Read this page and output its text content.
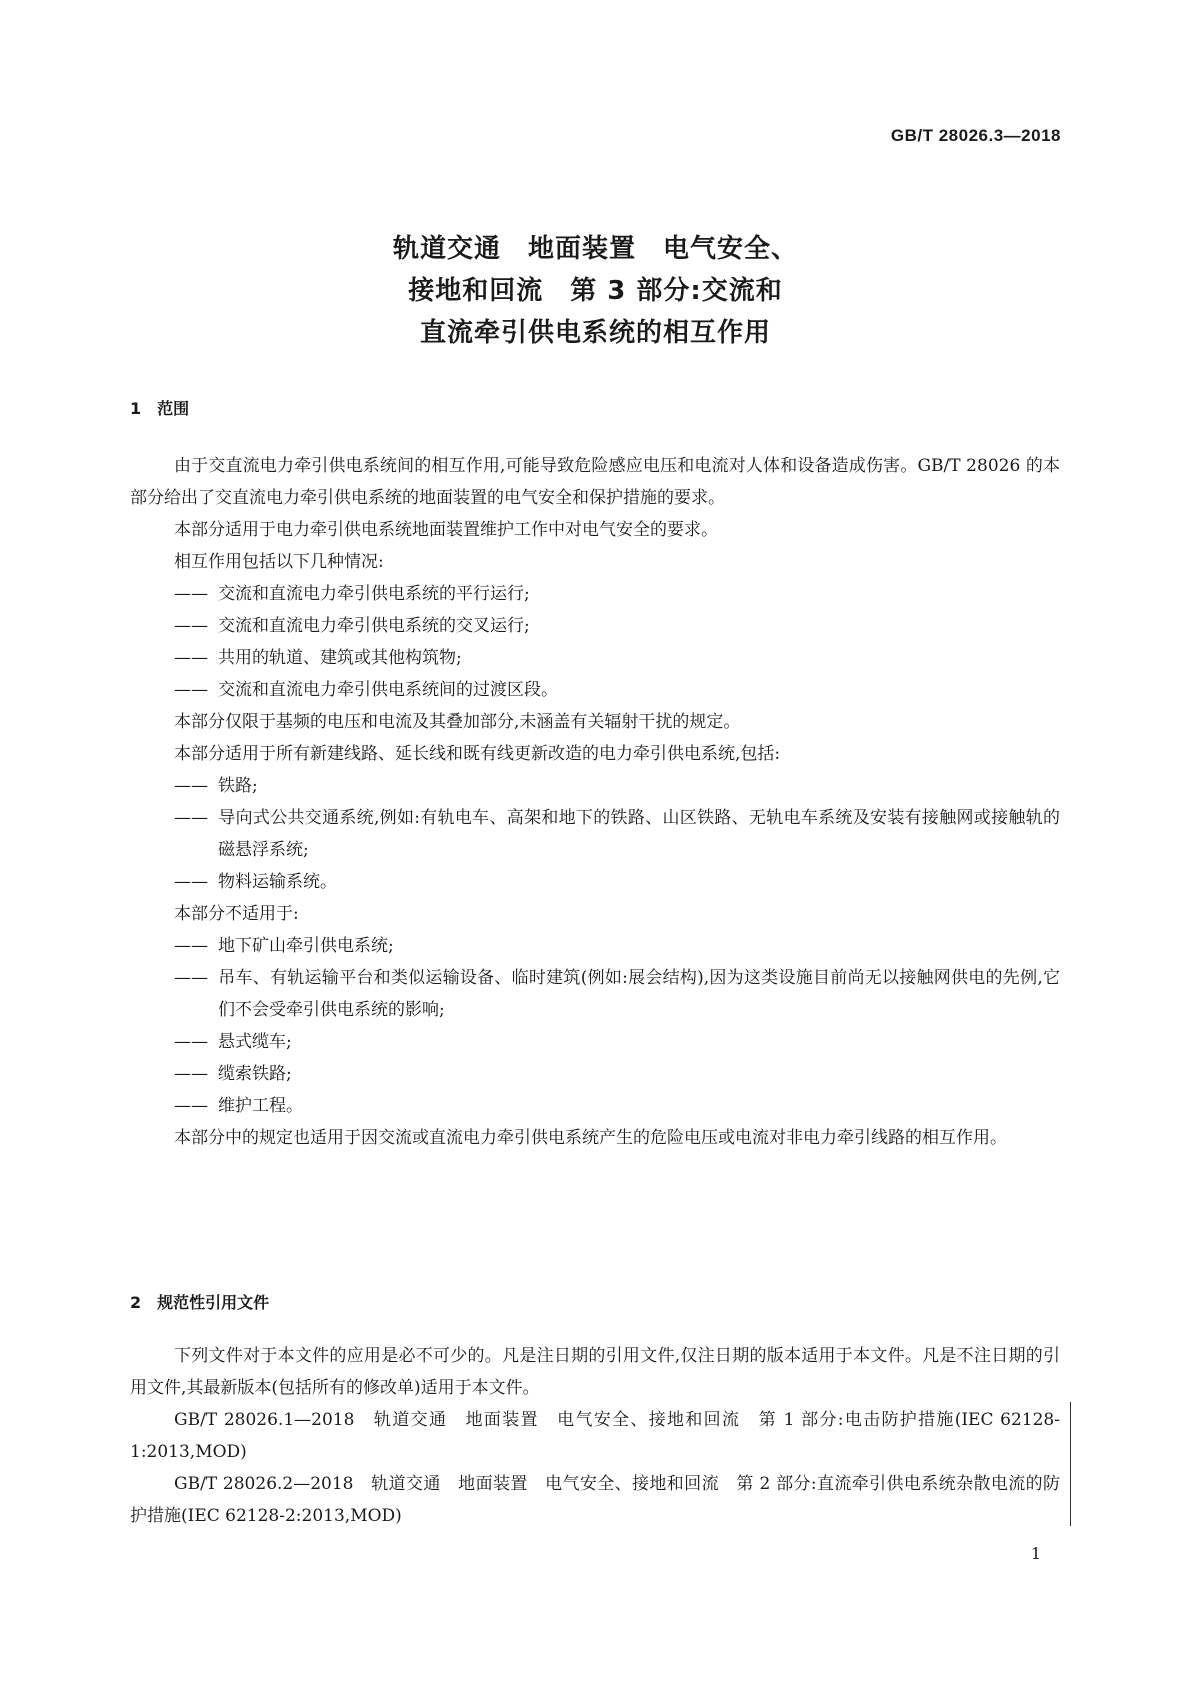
GB/T 28026.3—2018
轨道交通　地面装置　电气安全、
接地和回流　第 3 部分:交流和
直流牵引供电系统的相互作用
1　范围

由于交直流电力牵引供电系统间的相互作用,可能导致危险感应电压和电流对人体和设备造成伤害。GB/T 28026 的本部分给出了交直流电力牵引供电系统的地面装置的电气安全和保护措施的要求。

本部分适用于电力牵引供电系统地面装置维护工作中对电气安全的要求。

相互作用包括以下几种情况:

—— 交流和直流电力牵引供电系统的平行运行;

—— 交流和直流电力牵引供电系统的交叉运行;

—— 共用的轨道、建筑或其他构筑物;

—— 交流和直流电力牵引供电系统间的过渡区段。

本部分仅限于基频的电压和电流及其叠加部分,未涵盖有关辐射干扰的规定。

本部分适用于所有新建线路、延长线和既有线更新改造的电力牵引供电系统,包括:

—— 铁路;

—— 导向式公共交通系统,例如:有轨电车、高架和地下的铁路、山区铁路、无轨电车系统及安装有接触网或接触轨的磁悬浮系统;

—— 物料运输系统。

本部分不适用于:

—— 地下矿山牵引供电系统;

—— 吊车、有轨运输平台和类似运输设备、临时建筑(例如:展会结构),因为这类设施目前尚无以接触网供电的先例,它们不会受牵引供电系统的影响;

—— 悬式缆车;

—— 缆索铁路;

—— 维护工程。

本部分中的规定也适用于因交流或直流电力牵引供电系统产生的危险电压或电流对非电力牵引线路的相互作用。

2　规范性引用文件

下列文件对于本文件的应用是必不可少的。凡是注日期的引用文件,仅注日期的版本适用于本文件。凡是不注日期的引用文件,其最新版本(包括所有的修改单)适用于本文件。

GB/T 28026.1—2018　轨道交通　地面装置　电气安全、接地和回流　第 1 部分:电击防护措施(IEC 62128-1:2013,MOD)

GB/T 28026.2—2018　轨道交通　地面装置　电气安全、接地和回流　第 2 部分:直流牵引供电系统杂散电流的防护措施(IEC 62128-2:2013,MOD)

1
